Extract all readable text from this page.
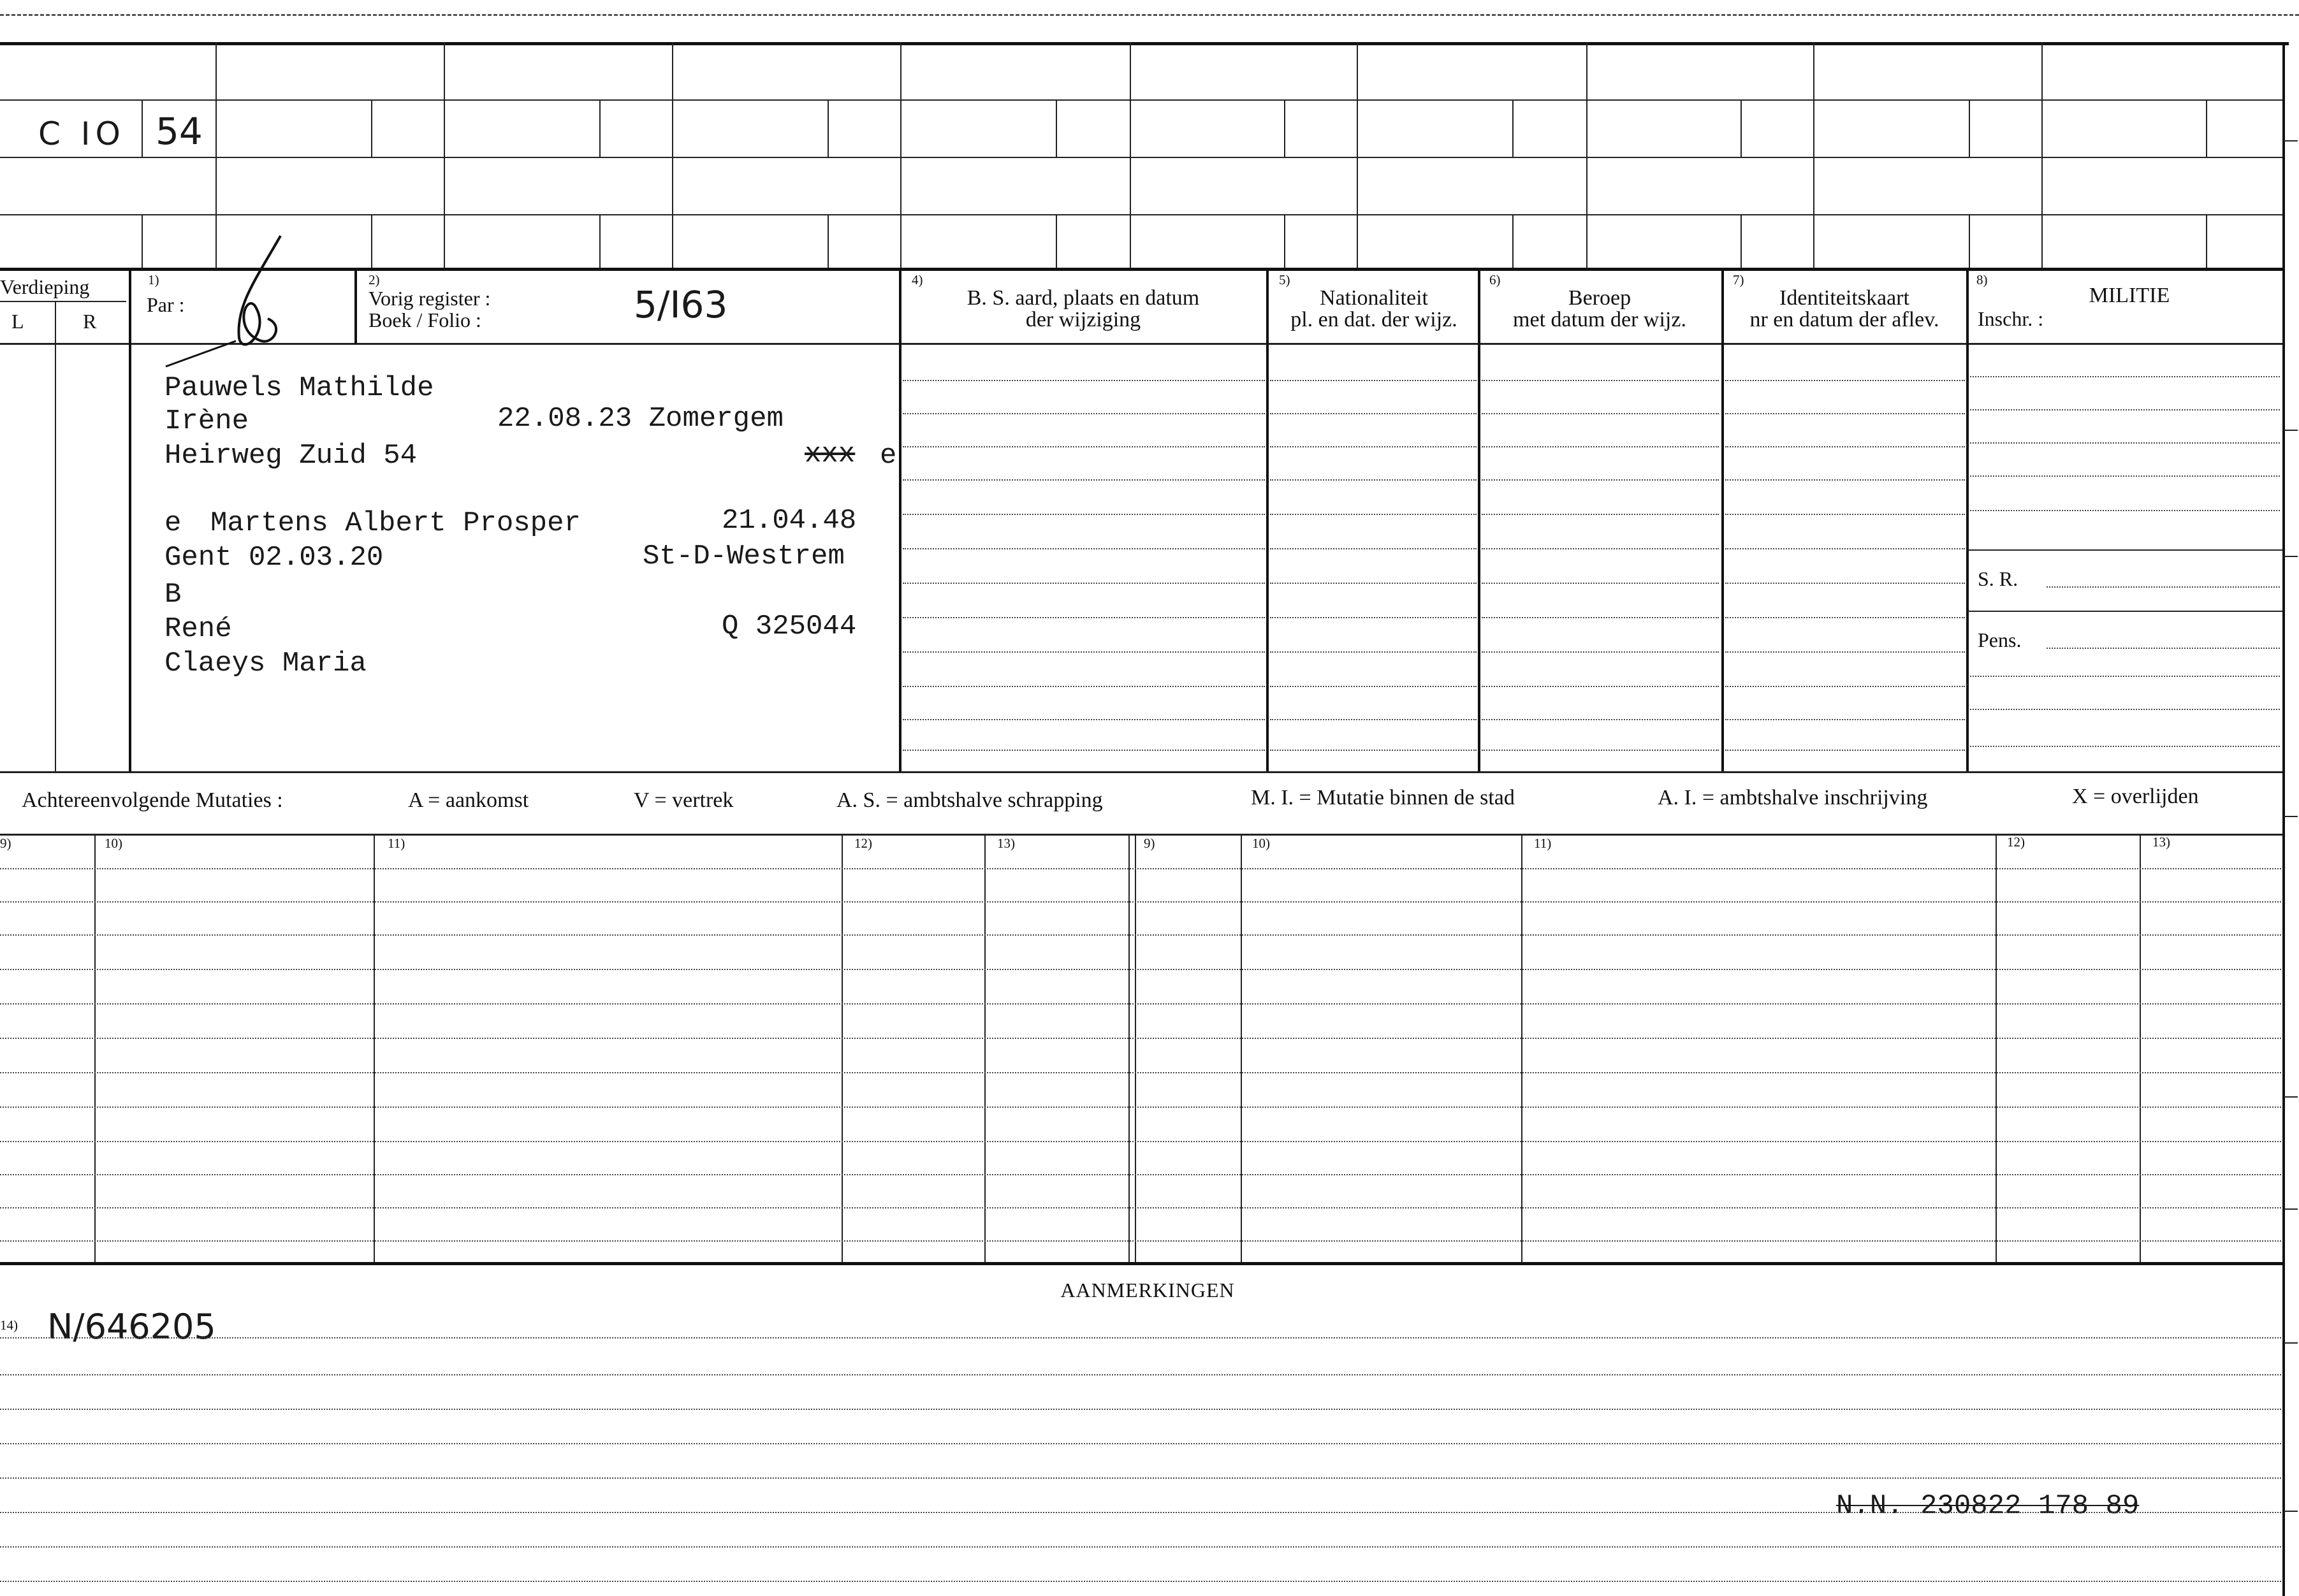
C IO 54
Verdieping
L	R
1)
Par :
2)
Vorig register :
Boek / Folio :	5/I63
4)
B. S. aard, plaats en datum
der wijziging
5)
Nationaliteit
pl. en dat. der wijz.
6)
Beroep
met datum der wijz.
7)
Identiteitskaart
nr en datum der aflev.
8)
MILITIE
Inschr. :
S. R.
Pens.
Pauwels Mathilde
Irène	22.08.23 Zomergem
Heirweg Zuid 54	xxx e
e Martens Albert Prosper	21.04.48
Gent 02.03.20	St-D-Westrem
B
René	Q 325044
Claeys Maria
Achtereenvolgende Mutaties :	A = aankomst	V = vertrek	A. S. = ambtshalve schrapping	M. I. = Mutatie binnen de stad	A. I. = ambtshalve inschrijving	X = overlijden
9)	10)	11)	12)	13)	9)	10)	11)	12)	13)
AANMERKINGEN
14) N/646205
N.N. 230822 178 89
